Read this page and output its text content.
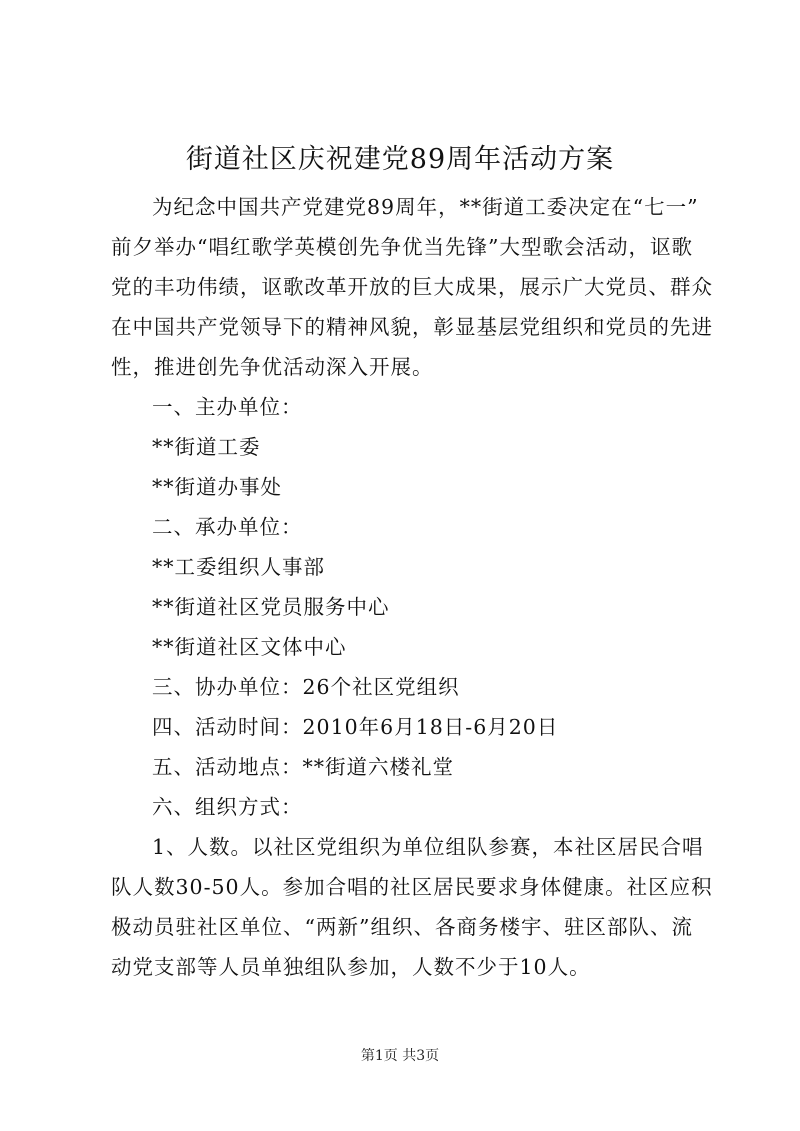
街道社区庆祝建党89周年活动方案

为纪念中国共产党建党89周年，**街道工委决定在“七一”

前夕举办“唱红歌学英模创先争优当先锋”大型歌会活动，讴歌

党的丰功伟绩，讴歌改革开放的巨大成果，展示广大党员、群众

在中国共产党领导下的精神风貌，彰显基层党组织和党员的先进

性，推进创先争优活动深入开展。

一、主办单位：

**街道工委

**街道办事处

二、承办单位：

**工委组织人事部

**街道社区党员服务中心

**街道社区文体中心

三、协办单位：26个社区党组织

四、活动时间：2010年6月18日-6月20日

五、活动地点：**街道六楼礼堂

六、组织方式：

1、人数。以社区党组织为单位组队参赛，本社区居民合唱

队人数30-50人。参加合唱的社区居民要求身体健康。社区应积

极动员驻社区单位、“两新”组织、各商务楼宇、驻区部队、流

动党支部等人员单独组队参加，人数不少于10人。

第1页 共3页
